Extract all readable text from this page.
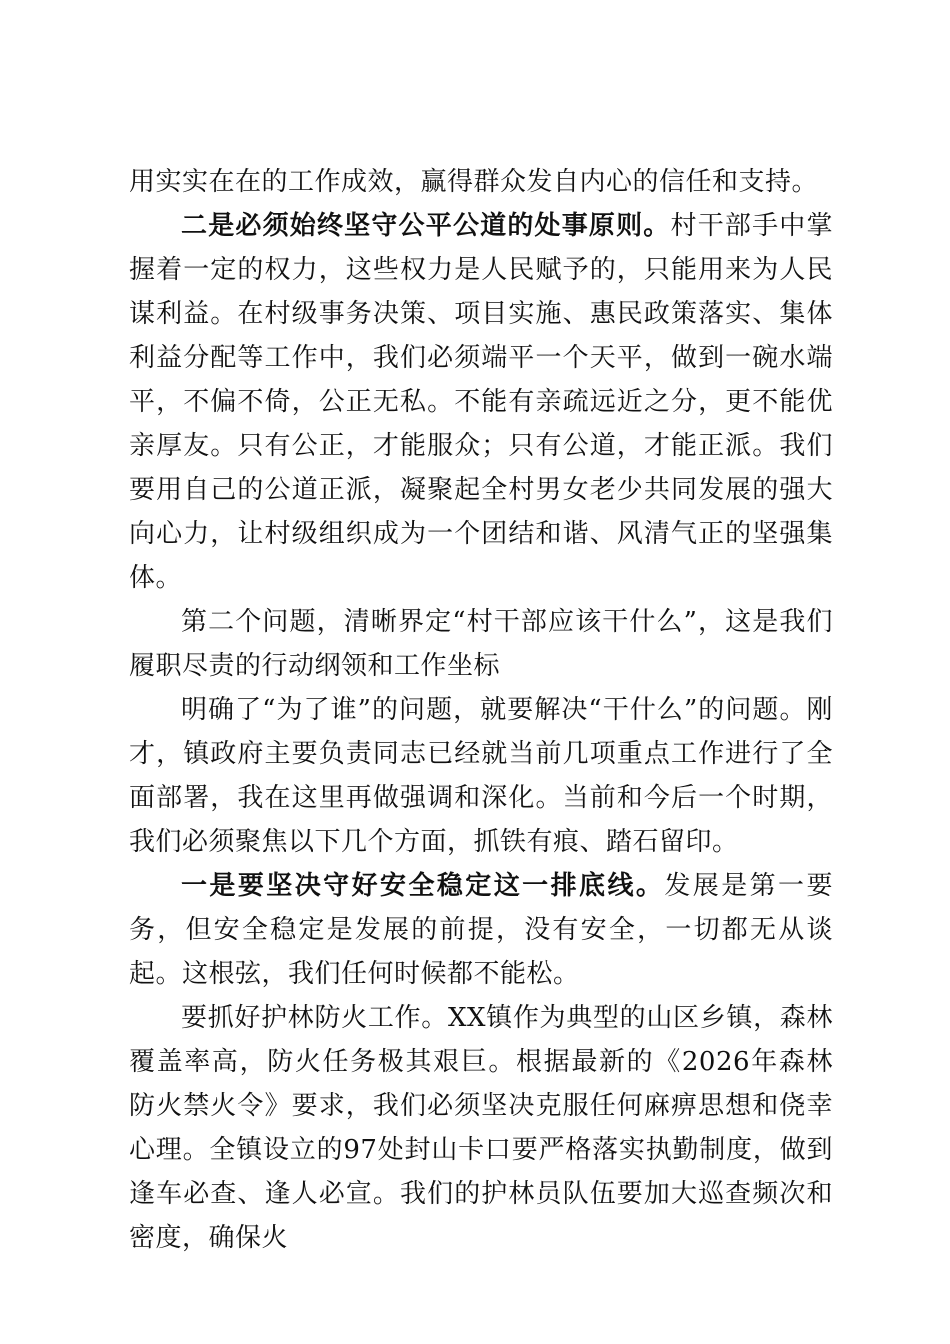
用实实在在的工作成效，赢得群众发自内心的信任和支持。

二是必须始终坚守公平公道的处事原则。村干部手中掌握着一定的权力，这些权力是人民赋予的，只能用来为人民谋利益。在村级事务决策、项目实施、惠民政策落实、集体利益分配等工作中，我们必须端平一个天平，做到一碗水端平，不偏不倚，公正无私。不能有亲疏远近之分，更不能优亲厚友。只有公正，才能服众；只有公道，才能正派。我们要用自己的公道正派，凝聚起全村男女老少共同发展的强大向心力，让村级组织成为一个团结和谐、风清气正的坚强集体。

第二个问题，清晰界定“村干部应该干什么”，这是我们履职尽责的行动纲领和工作坐标

明确了“为了谁”的问题，就要解决“干什么”的问题。刚才，镇政府主要负责同志已经就当前几项重点工作进行了全面部署，我在这里再做强调和深化。当前和今后一个时期，我们必须聚焦以下几个方面，抓铁有痕、踏石留印。

一是要坚决守好安全稳定这一排底线。发展是第一要务，但安全稳定是发展的前提，没有安全，一切都无从谈起。这根弦，我们任何时候都不能松。

要抓好护林防火工作。XX镇作为典型的山区乡镇，森林覆盖率高，防火任务极其艰巨。根据最新的《2026年森林防火禁火令》要求，我们必须坚决克服任何麻痹思想和侥幸心理。全镇设立的97处封山卡口要严格落实执勤制度，做到逢车必查、逢人必宣。我们的护林员队伍要加大巡查频次和密度，确保火
